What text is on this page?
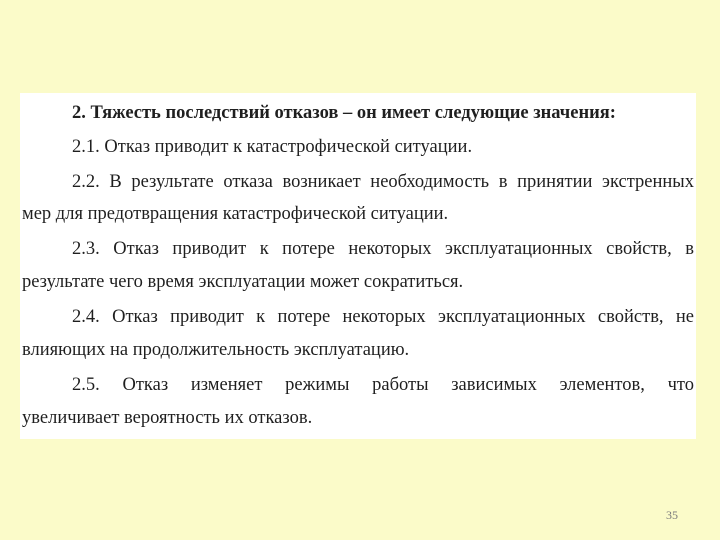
2. Тяжесть последствий отказов – он имеет следующие значения:
2.1. Отказ приводит к катастрофической ситуации.
2.2. В результате отказа возникает необходимость в принятии экстренных
мер для предотвращения катастрофической ситуации.
2.3. Отказ приводит к потере некоторых эксплуатационных свойств, в
результате чего время эксплуатации может сократиться.
2.4. Отказ приводит к потере некоторых эксплуатационных свойств, не
влияющих на продолжительность эксплуатацию.
2.5. Отказ изменяет режимы работы зависимых элементов, что
увеличивает вероятность их отказов.
35
